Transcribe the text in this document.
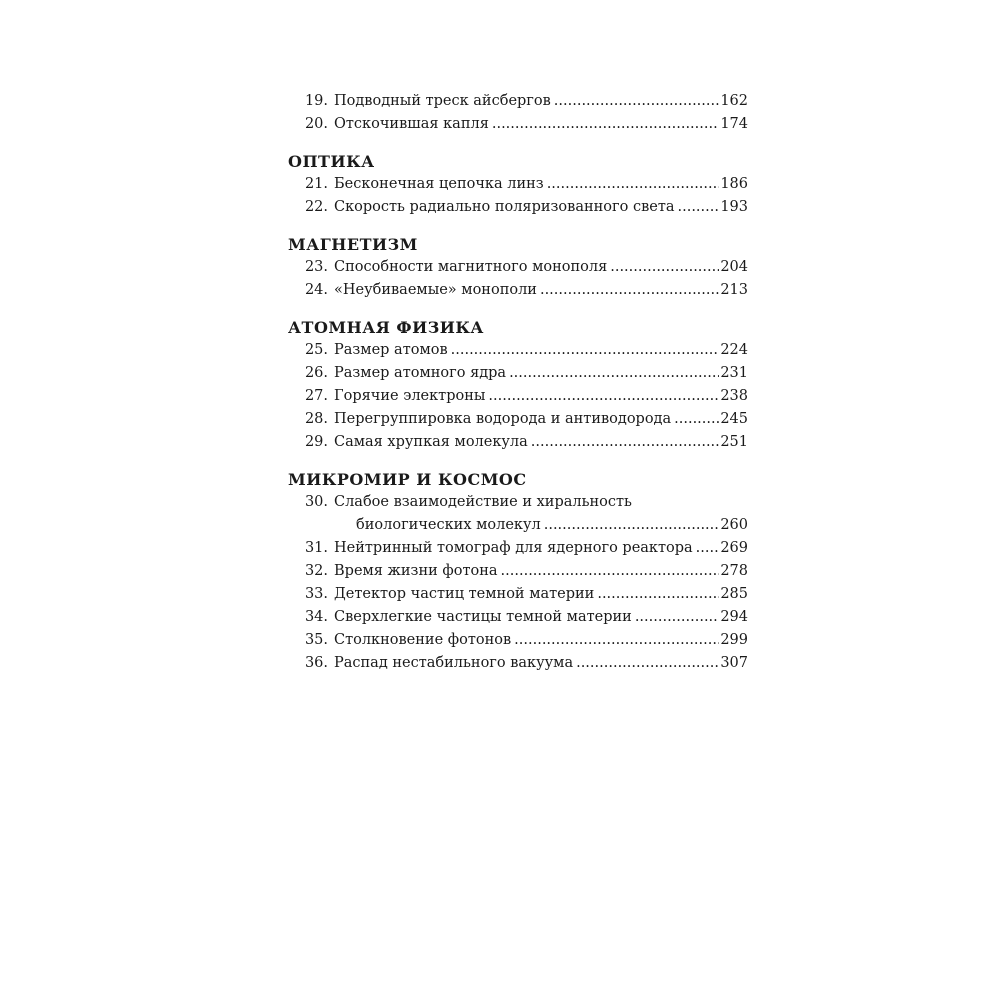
19. Подводный треск айсбергов .....	162
20. Отскочившая капля .....	174
ОПТИКА
21. Бесконечная цепочка линз .....	186
22. Скорость радиально поляризованного света .....	193
МАГНЕТИЗМ
23. Способности магнитного монополя .....	204
24. «Неубиваемые» монополи .....	213
АТОМНАЯ ФИЗИКА
25. Размер атомов .....	224
26. Размер атомного ядра .....	231
27. Горячие электроны .....	238
28. Перегруппировка водорода и антиводорода .....	245
29. Самая хрупкая молекула .....	251
МИКРОМИР И КОСМОС
30. Слабое взаимодействие и хиральность
биологических молекул .....	260
31. Нейтринный томограф для ядерного реактора ..... 269
32. Время жизни фотона .....	278
33. Детектор частиц темной материи .....	285
34. Сверхлегкие частицы темной материи .....	294
35. Столкновение фотонов .....	299
36. Распад нестабильного вакуума .....	307
